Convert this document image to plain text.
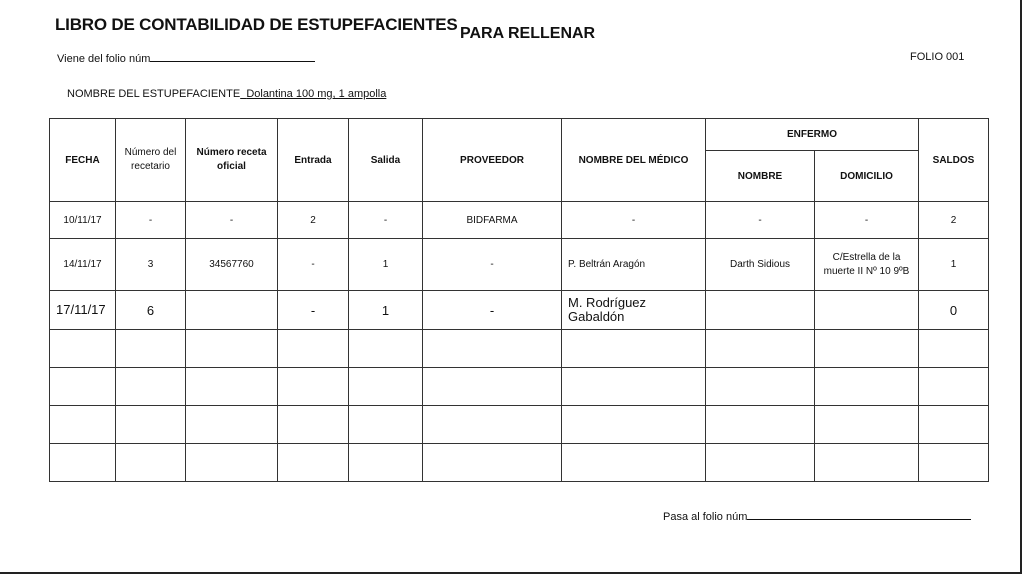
LIBRO DE CONTABILIDAD DE ESTUPEFACIENTES PARA RELLENAR
Viene del folio núm	FOLIO 001
NOMBRE DEL ESTUPEFACIENTE Dolantina 100 mg, 1 ampolla
FECHA	Número del recetario	Número receta oficial	Entrada	Salida	PROVEEDOR	NOMBRE DEL MÉDICO	ENFERMO		SALDOS
							NOMBRE	DOMICILIO	
10/11/17	-	-	2	-	BIDFARMA	-	-	-	2
14/11/17	3	34567760	-	1	-	P. Beltrán Aragón	Darth Sidious	C/Estrella de la muerte II Nº 10 9ºB	1
17/11/17	6		-	1	-	M. Rodríguez Gabaldón			0

Pasa al folio núm
